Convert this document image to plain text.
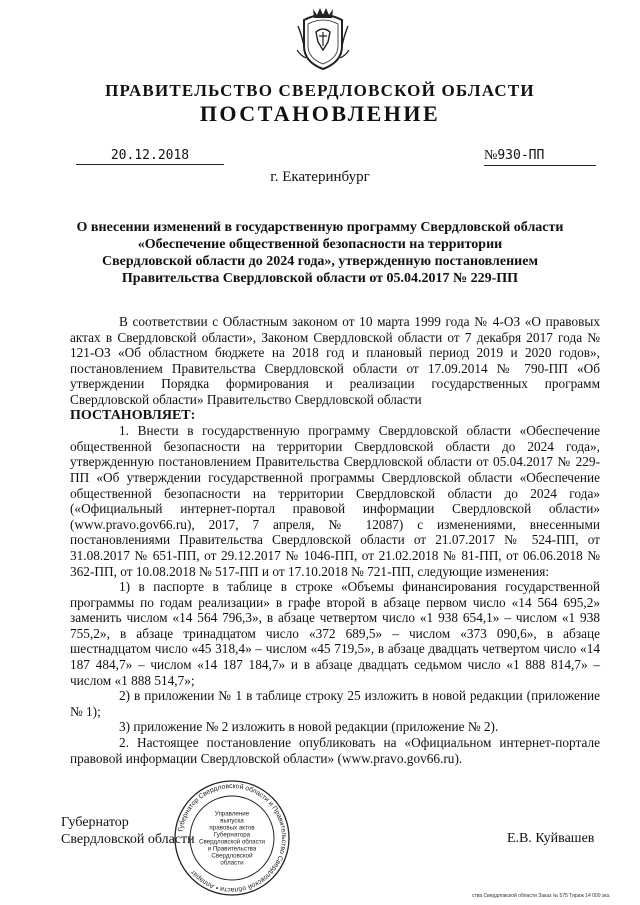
ПРАВИТЕЛЬСТВО СВЕРДЛОВСКОЙ ОБЛАСТИ
ПОСТАНОВЛЕНИЕ
20.12.2018	№930-ПП
г. Екатеринбург
О внесении изменений в государственную программу Свердловской области
«Обеспечение общественной безопасности на территории
Свердловской области до 2024 года», утвержденную постановлением
Правительства Свердловской области от 05.04.2017 № 229-ПП

В соответствии с Областным законом от 10 марта 1999 года № 4-ОЗ «О правовых актах в Свердловской области», Законом Свердловской области от 7 декабря 2017 года № 121-ОЗ «Об областном бюджете на 2018 год и плановый период 2019 и 2020 годов», постановлением Правительства Свердловской области от 17.09.2014 № 790-ПП «Об утверждении Порядка формирования и реализации государственных программ Свердловской области» Правительство Свердловской области

ПОСТАНОВЛЯЕТ:

1. Внести в государственную программу Свердловской области «Обеспечение общественной безопасности на территории Свердловской области до 2024 года», утвержденную постановлением Правительства Свердловской области от 05.04.2017 № 229-ПП «Об утверждении государственной программы Свердловской области «Обеспечение общественной безопасности на территории Свердловской области до 2024 года» («Официальный интернет-портал правовой информации Свердловской области» (www.pravo.gov66.ru), 2017, 7 апреля, № 12087) с изменениями, внесенными постановлениями Правительства Свердловской области от 21.07.2017 № 524-ПП, от 31.08.2017 № 651-ПП, от 29.12.2017 № 1046-ПП, от 21.02.2018 № 81-ПП, от 06.06.2018 № 362-ПП, от 10.08.2018 № 517-ПП и от 17.10.2018 № 721-ПП, следующие изменения:

1) в паспорте в таблице в строке «Объемы финансирования государственной программы по годам реализации» в графе второй в абзаце первом число «14 564 695,2» заменить числом «14 564 796,3», в абзаце четвертом число «1 938 654,1» – числом «1 938 755,2», в абзаце тринадцатом число «372 689,5» – числом «373 090,6», в абзаце шестнадцатом число «45 318,4» – числом «45 719,5», в абзаце двадцать четвертом число «14 187 484,7» – числом «14 187 184,7» и в абзаце двадцать седьмом число «1 888 814,7» – числом «1 888 514,7»;

2) в приложении № 1 в таблице строку 25 изложить в новой редакции (приложение № 1);

3) приложение № 2 изложить в новой редакции (приложение № 2).

2. Настоящее постановление опубликовать на «Официальном интернет-портале правовой информации Свердловской области» (www.pravo.gov66.ru).

Губернатор
Свердловской области	Е.В. Куйвашев
Губернатор Свердловской области и Правительство Свердловской области • Аппарат
Управление выпуска правовых актов Губернатора Свердловской области и Правительства Свердловской области
ства Свердловской области Заказ № 575 Тираж 14 000 экз.
